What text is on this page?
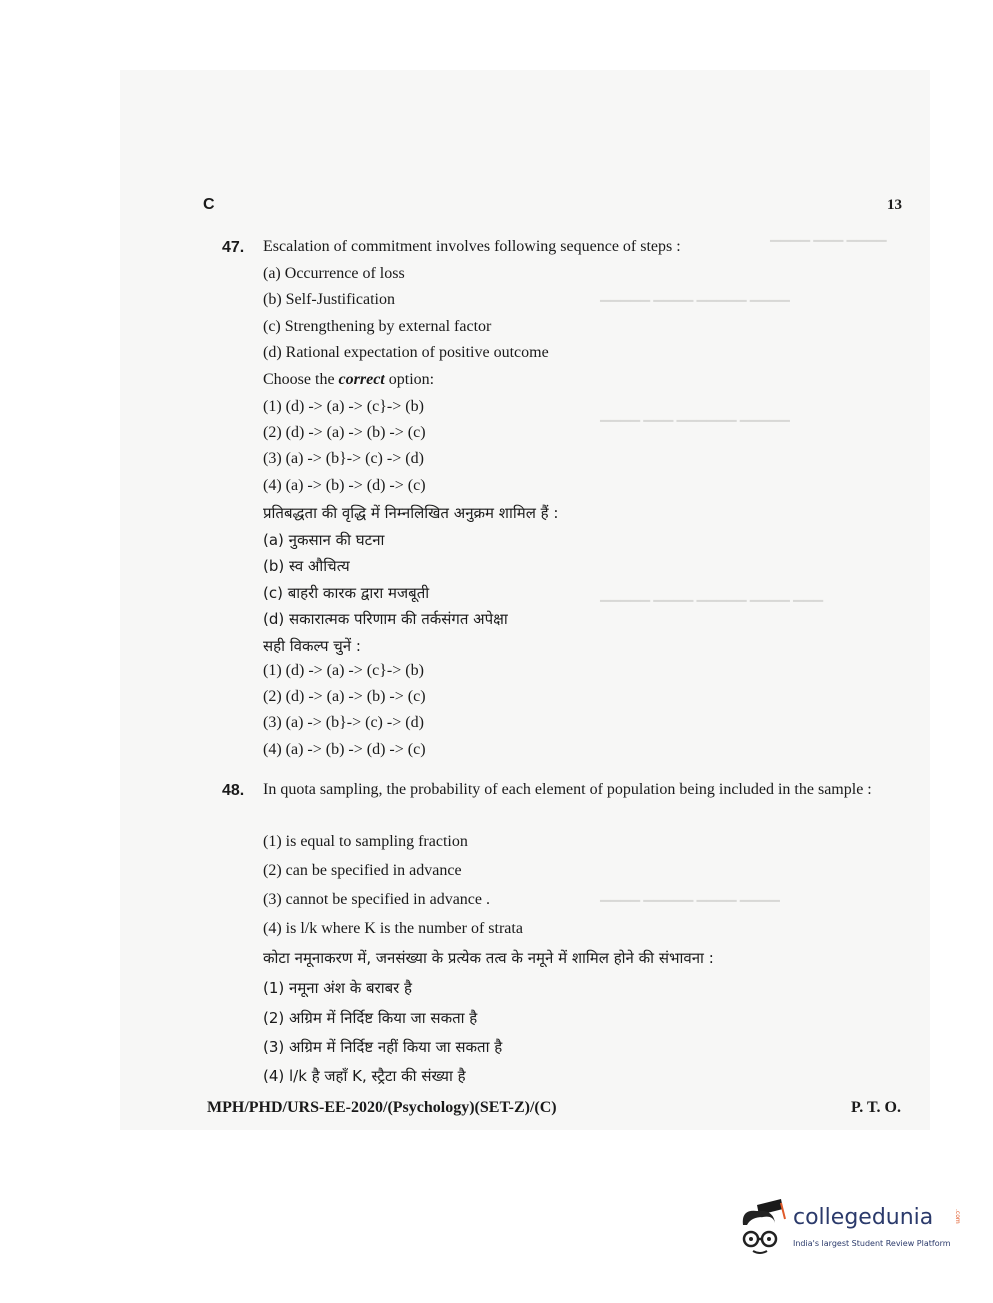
▔▔▔▔ ▔▔▔ ▔▔▔▔
▔▔▔▔▔ ▔▔▔▔ ▔▔▔▔▔ ▔▔▔▔
▔▔▔▔ ▔▔▔ ▔▔▔▔▔▔ ▔▔▔▔▔
▔▔▔▔▔ ▔▔▔▔ ▔▔▔▔▔ ▔▔▔▔ ▔▔▔
▔▔▔▔ ▔▔▔▔▔ ▔▔▔▔ ▔▔▔▔
C	13
47. Escalation of commitment involves following sequence of steps :
(a) Occurrence of loss
(b) Self-Justification
(c) Strengthening by external factor
(d) Rational expectation of positive outcome
Choose the correct option:
(1) (d) -> (a) -> (c}-> (b)
(2) (d) -> (a) -> (b) -> (c)
(3) (a) -> (b}-> (c) -> (d)
(4) (a) -> (b) -> (d) -> (c)
प्रतिबद्धता की वृद्धि में निम्नलिखित अनुक्रम शामिल हैं :
(a) नुकसान की घटना
(b) स्व औचित्य
(c) बाहरी कारक द्वारा मजबूती
(d) सकारात्मक परिणाम की तर्कसंगत अपेक्षा
सही विकल्प चुनें :
(1) (d) -> (a) -> (c}-> (b)
(2) (d) -> (a) -> (b) -> (c)
(3) (a) -> (b}-> (c) -> (d)
(4) (a) -> (b) -> (d) -> (c)
48. In quota sampling, the probability of each element of population being included in the sample :
(1) is equal to sampling fraction
(2) can be specified in advance
(3) cannot be specified in advance .
(4) is l/k where K is the number of strata
कोटा नमूनाकरण में, जनसंख्या के प्रत्येक तत्व के नमूने में शामिल होने की संभावना :
(1) नमूना अंश के बराबर है
(2) अग्रिम में निर्दिष्ट किया जा सकता है
(3) अग्रिम में निर्दिष्ट नहीं किया जा सकता है
(4) l/k है जहाँ K, स्ट्रैटा की संख्या है
MPH/PHD/URS-EE-2020/(Psychology)(SET-Z)/(C)	P. T. O.
collegedunia	.com
India's largest Student Review Platform
